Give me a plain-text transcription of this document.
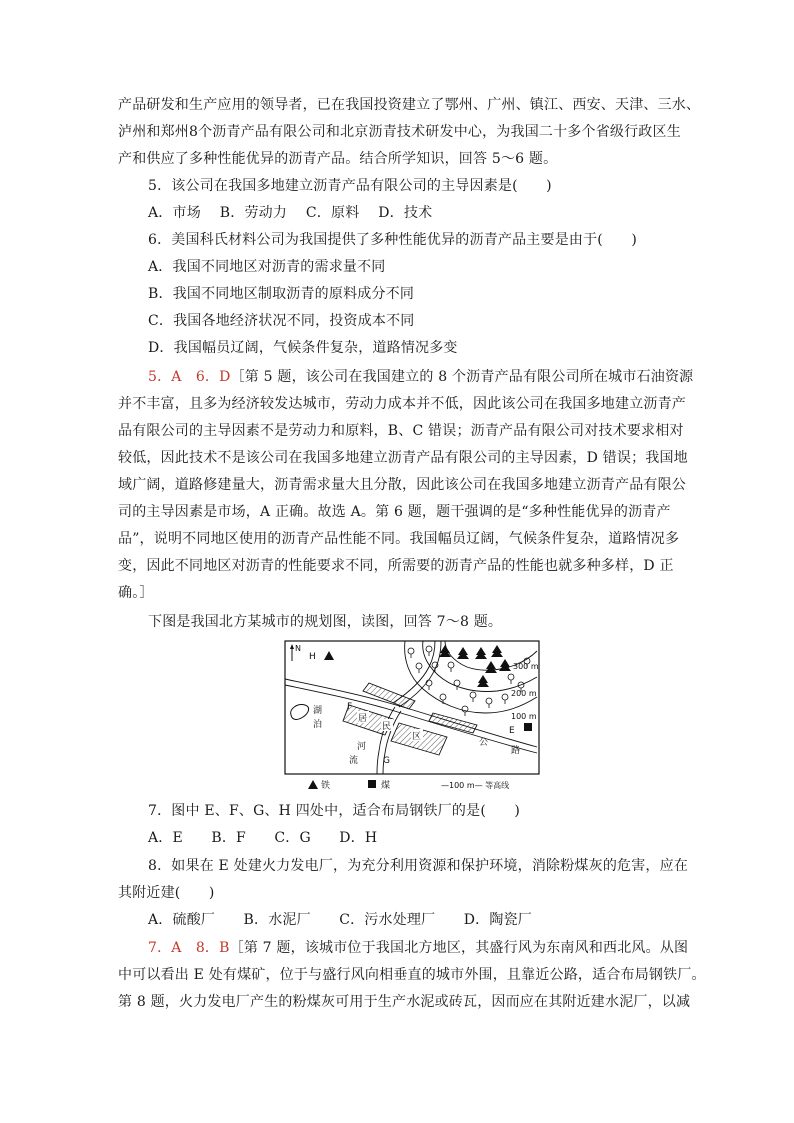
产品研发和生产应用的领导者，已在我国投资建立了鄂州、广州、镇江、西安、天津、三水、
泸州和郑州8个沥青产品有限公司和北京沥青技术研发中心，为我国二十多个省级行政区生
产和供应了多种性能优异的沥青产品。结合所学知识，回答 5～6 题。
5．该公司在我国多地建立沥青产品有限公司的主导因素是(　　)
A．市场　 B．劳动力　 C．原料　 D．技术
6．美国科氏材料公司为我国提供了多种性能优异的沥青产品主要是由于(　　)
A．我国不同地区对沥青的需求量不同
B．我国不同地区制取沥青的原料成分不同
C．我国各地经济状况不同，投资成本不同
D．我国幅员辽阔，气候条件复杂，道路情况多变
5．A　6．D［第 5 题，该公司在我国建立的 8 个沥青产品有限公司所在城市石油资源
并不丰富，且多为经济较发达城市，劳动力成本并不低，因此该公司在我国多地建立沥青产
品有限公司的主导因素不是劳动力和原料，B、C 错误；沥青产品有限公司对技术要求相对
较低，因此技术不是该公司在我国多地建立沥青产品有限公司的主导因素，D 错误；我国地
域广阔，道路修建量大，沥青需求量大且分散，因此该公司在我国多地建立沥青产品有限公
司的主导因素是市场，A 正确。故选 A。第 6 题，题干强调的是“多种性能优异的沥青产
品”，说明不同地区使用的沥青产品性能不同。我国幅员辽阔，气候条件复杂，道路情况多
变，因此不同地区对沥青的性能要求不同，所需要的沥青产品的性能也就多种多样，D 正
确。］
下图是我国北方某城市的规划图，读图，回答 7～8 题。
N
H
300 m
200 m
100 m
湖
泊
居
民
区
F
G
河
流
公
路
E
铁	煤	—100 m— 等高线
7．图中 E、F、G、H 四处中，适合布局钢铁厂的是(　　)
A．E　　B．F　　C．G　　D．H
8．如果在 E 处建火力发电厂，为充分利用资源和保护环境，消除粉煤灰的危害，应在
其附近建(　　)
A．硫酸厂　　B．水泥厂　　C．污水处理厂　　D．陶瓷厂
7．A　8．B［第 7 题，该城市位于我国北方地区，其盛行风为东南风和西北风。从图
中可以看出 E 处有煤矿，位于与盛行风向相垂直的城市外围，且靠近公路，适合布局钢铁厂。
第 8 题，火力发电厂产生的粉煤灰可用于生产水泥或砖瓦，因而应在其附近建水泥厂，以减
